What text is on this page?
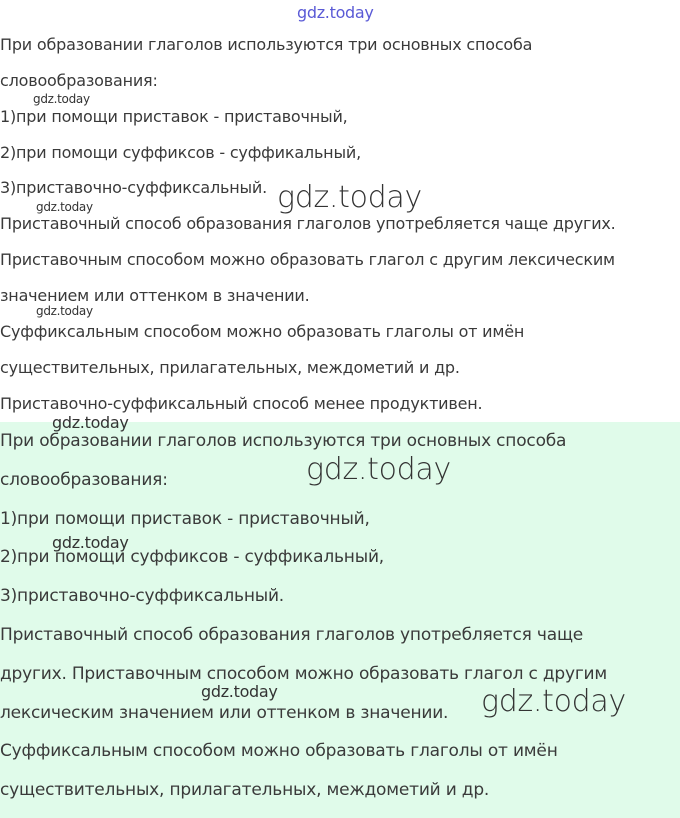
gdz.today
При образовании глаголов используются три основных способа
словообразования:
1)при помощи приставок - приставочный,
2)при помощи суффиксов - суффикальный,
3)приставочно-суффиксальный.
Приставочный способ образования глаголов употребляется чаще других.
Приставочным способом можно образовать глагол с другим лексическим
значением или оттенком в значении.
Суффиксальным способом можно образовать глаголы от имён
существительных, прилагательных, междометий и др.
Приставочно-суффиксальный способ менее продуктивен.
При образовании глаголов используются три основных способа
словообразования:
1)при помощи приставок - приставочный,
2)при помощи суффиксов - суффикальный,
3)приставочно-суффиксальный.
Приставочный способ образования глаголов употребляется чаще
других. Приставочным способом можно образовать глагол с другим
лексическим значением или оттенком в значении.
Суффиксальным способом можно образовать глаголы от имён
существительных, прилагательных, междометий и др.
gdz.today
gdz.today
gdz.today
gdz.today
gdz.today
gdz.today
gdz.today
gdz.today	gdz.today
